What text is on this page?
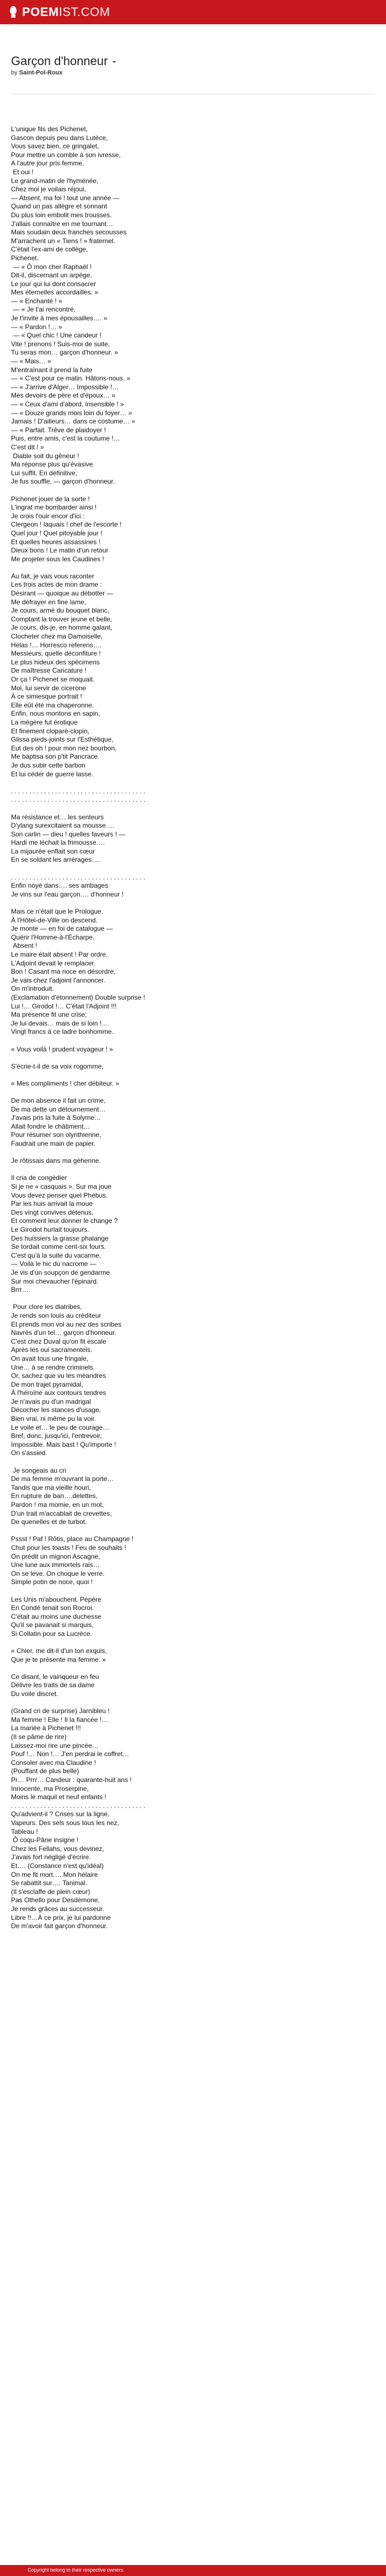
POEMIST.COM
Garçon d'honneur -
by Saint-Pol-Roux
L'unique fils des Pichenet,
Gascon depuis peu dans Lutèce,
Vous savez bien, ce gringalet,
Pour mettre un comble à son ivresse,
A l'autre jour pris femme.
Et oui !
Le grand-matin de l'hyménée,
Chez moi je voilais réjoui,
— Absent, ma foi ! tout une année —
Quand un pas allègre et sonnant
Du plus loin embolit mes trousses.
J'allais connaître en me tournant…
Mais soudain deux franches secousses
M'arrachent un « Tiens ! » fraternel.
C'était l'ex-ami de collège,
Pichenet.
— « Ô mon cher Raphaël !
Dit-il, discernant un arpège,
Le jour qui lui dont consacrer
Mes éternelles accordailles. »
— « Enchanté ! »
— « Je t'ai rencontré,
Je t'invite à mes épousailles…. »
— « Pardon !… »
— « Quel chic ! Une candeur !
Vite ! prenons ! Suis-moi de suite,
Tu seras mon… garçon d'honneur. »
— « Mais… »
M'entraînant il prend la fuite
— « C'est pour ce matin. Hâtons-nous. »
— « J'arrive d'Alger… Impossible !…
Mes devoirs de père et d'époux… »
— « Ceux d'ami d'abord, insensible ! »
— « Douze grands mois loin du foyer… »
Jamais ! D'ailleurs… dans ce costume… »
— « Parfait. Trêve de plaidoyer !
Puis, entre amis, c'est la coutume !…
C'est dit ! »
Diable soit du gêneur !
Ma réponse plus qu'évasive
Lui suffit. En définitive,
Je fus souffle, — garçon d'honneur.
Pichenet jouer de la sorte !
L'ingrat me bombarder ainsi !
Je crois l'ouir encor d'ici :
Clergeon ! laquais ! chef de l'escorte !
Quel jour ! Quel pitoyable jour !
Et quelles heures assassines !
Dieux bons ! Le matin d'un retour
Me projeter sous les Caudines !
Au fait, je vais vous raconter
Les trois actes de mon drame :
Désirant — quoique au débotter —
Me défrayer en fine lame,
Je cours, armé du bouquet blanc,
Comptant la trouver jeune et belle,
Je cours, dis-je, en homme galant,
Clocheter chez ma Damoiselle,
Hélas !… Horresco referens….
Messieurs, quelle déconfiture !
Le plus hideux des spécimens
De maîtresse Caricature !
Or ça ! Pichenet se moquait.
Moi, lui servir de cicerone
À ce simiesque portrait !
Elle eût été ma chaperonne.
Enfin, nous montons en sapin,
La mégère fut érotique
Et finement cloparé-clopin,
Glissa pieds-joints sur l'Esthétique,
Eut des oh ! pour mon nez bourbon,
Me baptisa son p'tit Pancrace.
Je dus subir cette barbon
Et lui céder de guerre lasse.
. . . . . . . . . . . . . . . . . . . . . . . . . . . . . . . . . . . . .
. . . . . . . . . . . . . . . . . . . . . . . . . . . . . . . . . . . . .
Ma résistance et… les senteurs
D'ylang surexcitaient sa mousse….
Son carlin — dieu ! quelles faveurs ! —
Hardi me léchait la frimousse….
La mijaurée enflait son cœur
En se soldant les arrérages….
. . . . . . . . . . . . . . . . . . . . . . . . . . . . . . . . . . . . .
Enfin noyé dans…. ses ambages
Je vins sur l'eau garçon…. d'honneur !
Mais ce n'était que le Prologue.
À l'Hôtel-de-Ville on descend.
Je monte — en foi de catalogue —
Quérir l'Homme-à-l'Écharpe.
Absent !
Le maire était absent ! Par ordre,
L'Adjoint devait le remplacer.
Bon ! Casant ma noce en désordre,
Je vais chez l'adjoint l'annoncer.
On m'introduit.
(Exclamation d'étonnement) Double surprise !
Lui !… Girodot !… C'était l'Adjoint !!!
Ma présence fit une crise;
Je lui devais… mais de si loin !…
Vingt francs à ce ladre bonhomme.
« Vous voilà ! prudent voyageur ! »
S'écrie-t-il de sa voix rogomme,
« Mes compliments ! cher débiteur. »
De mon absence il fait un crime,
De ma dette un détournement…
J'avais pris la fuite à Solyme…
Allait fondre le châtiment…
Pour résumer son olynthienne,
Faudrait une main de papier.
Je rôtissais dans ma géhenne.
Il cria de congédier
Si je ne « casquais ». Sur ma joue
Vous devez penser quel Phébus.
Par les huis arrivait la moue
Des vingt convives détenus.
Et comment leur donner le change ?
Le Girodot hurlait toujours.
Des huissiers la grasse phalange
Se tordait comme cent-six fours.
C'est qu'à la suite du vacarme,
— Voilà le hic du nacrome —
Je vis d'un soupçon de gendarme
Sur moi chevaucher l'épinard.
Brrr….
Pour clore les diatribes,
Je rends son louis au créditeur
Et prends mon vol au nez des scribes
Navrés d'un tel… garçon d'honneur.
C'est chez Duval qu'on fit escale
Après les oui sacramentels.
On avait tous une fringale,
Une… à se rendre criminels.
Or, sachez que vu les méandres
De mon trajet pyramidal,
À l'héroïne aux contours tendres
Je n'avais pu d'un madrigal
Décocher les stances d'usage.
Bien vrai, ni même pu la voir.
Le voile et… le peu de courage…
Bref, donc, jusqu'ici, l'entrevoir,
Impossible. Mais bast ! Qu'importe !
On s'assied.
Je songeais au cri
De ma femme m'ouvrant la porte…
Tandis que ma vieille houri,
En rupture de ban….delettes,
Pardon ! ma momie, en un mot,
D'un trait m'accablait de crevettes,
De quenelles et de turbot.
Pssst ! Paf ! Rôtis, place au Champagne !
Chut pour les toasts ! Feu de souhaits !
On prédit un mignon Ascagne,
Une lune aux immortels rais…
On se lève. On choque le verre.
Simple potin de noce, quoi !
Les Unis m'abouchent. Pépère
En Condé tenait son Rocroi.
C'était au moins une duchesse
Qu'il se pavanait si marquis,
Si Collatin pour sa Lucrèce.
« Chier, me dit-il d'un ton exquis,
Que je te présente ma femme. »
Ce disant, le vainqueur en feu
Délivre les traits de sa dame
Du voile discret.
(Grand cri de surprise) Jarnibleu !
Ma femme ! Elle ! Il la fiancée !…
La mariée à Pichenet !!!
(Il se pâme de rire)
Laissez-moi rire une pincée…
Pouf !… Non !… J'en perdrai le coffret…
Consoler avec ma Claudine !
(Pouffant de plus belle)
Pr… Prrr… Candeur : quarante-huit ans !
Innocente, ma Proserpine,
Moins le maquil et neuf enfants !
. . . . . . . . . . . . . . . . . . . . . . . . . . . . . . . . . . . . .
Qu'advient-il ? Crises sur la ligne,
Vapeurs. Des sels sous tous les nez,
Tableau !
Ô coqu-Pâne insigne !
Chez les Fellahs, vous devinez,
J'avais fort négligé d'écrire.
Et…. (Constance n'est qu'idéal)
On me fit mort…. Mon hélaire
Se rabattit sur…. Tanimal.
(Il s'esclaffe de plein cœur)
Pas Othello pour Desdémone,
Je rends grâces au successeur.
Libre !!…À ce prix, je lui pardonne
De m'avoir fait garçon d'honneur.
Copyright belong to their respective owners
